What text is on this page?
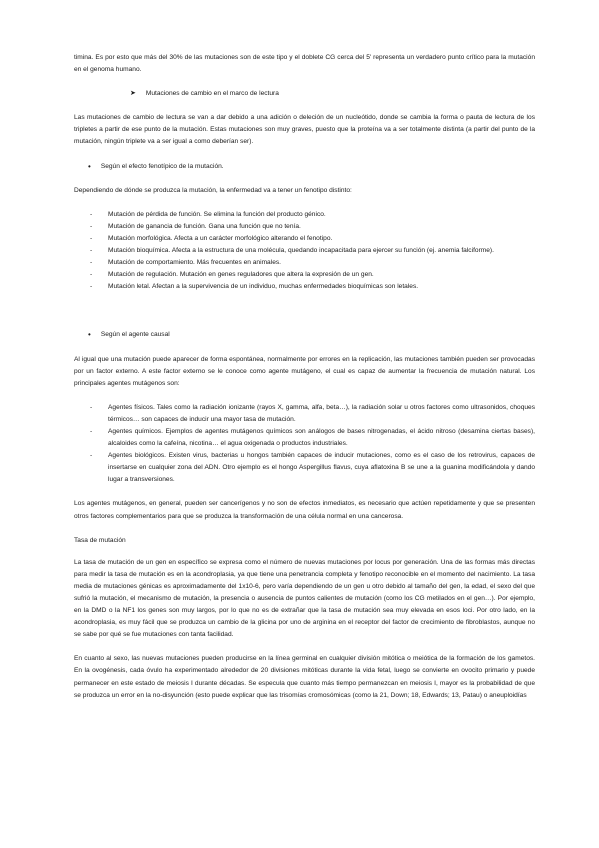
timina. Es por esto que más del 30% de las mutaciones son de este tipo y el doblete CG cerca del 5' representa un verdadero punto crítico para la mutación en el genoma humano.

➤ Mutaciones de cambio en el marco de lectura

Las mutaciones de cambio de lectura se van a dar debido a una adición o deleción de un nucleótido, donde se cambia la forma o pauta de lectura de los tripletes a partir de ese punto de la mutación. Estas mutaciones son muy graves, puesto que la proteína va a ser totalmente distinta (a partir del punto de la mutación, ningún triplete va a ser igual a como deberían ser).

• Según el efecto fenotípico de la mutación.

Dependiendo de dónde se produzca la mutación, la enfermedad va a tener un fenotipo distinto:

-	Mutación de pérdida de función. Se elimina la función del producto génico.
-	Mutación de ganancia de función. Gana una función que no tenía.
-	Mutación morfológica. Afecta a un carácter morfológico alterando el fenotipo.
-	Mutación bioquímica. Afecta a la estructura de una molécula, quedando incapacitada para ejercer su función (ej. anemia falciforme).
-	Mutación de comportamiento. Más frecuentes en animales.
-	Mutación de regulación. Mutación en genes reguladores que altera la expresión de un gen.
-	Mutación letal. Afectan a la supervivencia de un individuo, muchas enfermedades bioquímicas son letales.
• Según el agente causal

Al igual que una mutación puede aparecer de forma espontánea, normalmente por errores en la replicación, las mutaciones también pueden ser provocadas por un factor externo. A este factor externo se le conoce como agente mutágeno, el cual es capaz de aumentar la frecuencia de mutación natural. Los principales agentes mutágenos son:

-	Agentes físicos. Tales como la radiación ionizante (rayos X, gamma, alfa, beta…), la radiación solar u otros factores como ultrasonidos, choques térmicos… son capaces de inducir una mayor tasa de mutación.
-	Agentes químicos. Ejemplos de agentes mutágenos químicos son análogos de bases nitrogenadas, el ácido nitroso (desamina ciertas bases), alcaloides como la cafeína, nicotina… el agua oxigenada o productos industriales.
-	Agentes biológicos. Existen virus, bacterias u hongos también capaces de inducir mutaciones, como es el caso de los retrovirus, capaces de insertarse en cualquier zona del ADN. Otro ejemplo es el hongo Aspergillus flavus, cuya aflatoxina B se une a la guanina modificándola y dando lugar a transversiones.

Los agentes mutágenos, en general, pueden ser cancerígenos y no son de efectos inmediatos, es necesario que actúen repetidamente y que se presenten otros factores complementarios para que se produzca la transformación de una célula normal en una cancerosa.

Tasa de mutación

La tasa de mutación de un gen en específico se expresa como el número de nuevas mutaciones por locus por generación. Una de las formas más directas para medir la tasa de mutación es en la acondroplasia, ya que tiene una penetrancia completa y fenotipo reconocible en el momento del nacimiento. La tasa media de mutaciones génicas es aproximadamente del 1x10-6, pero varía dependiendo de un gen u otro debido al tamaño del gen, la edad, el sexo del que sufrió la mutación, el mecanismo de mutación, la presencia o ausencia de puntos calientes de mutación (como los CG metilados en el gen…). Por ejemplo, en la DMD o la NF1 los genes son muy largos, por lo que no es de extrañar que la tasa de mutación sea muy elevada en esos loci. Por otro lado, en la acondroplasia, es muy fácil que se produzca un cambio de la glicina por uno de arginina en el receptor del factor de crecimiento de fibroblastos, aunque no se sabe por qué se fue mutaciones con tanta facilidad.

En cuanto al sexo, las nuevas mutaciones pueden producirse en la línea germinal en cualquier división mitótica o meiótica de la formación de los gametos. En la ovogénesis, cada óvulo ha experimentado alrededor de 20 divisiones mitóticas durante la vida fetal, luego se convierte en ovocito primario y puede permanecer en este estado de meiosis I durante décadas. Se especula que cuanto más tiempo permanezcan en meiosis I, mayor es la probabilidad de que se produzca un error en la no-disyunción (esto puede explicar que las trisomías cromosómicas (como la 21, Down; 18, Edwards; 13, Patau) o aneuploidías
